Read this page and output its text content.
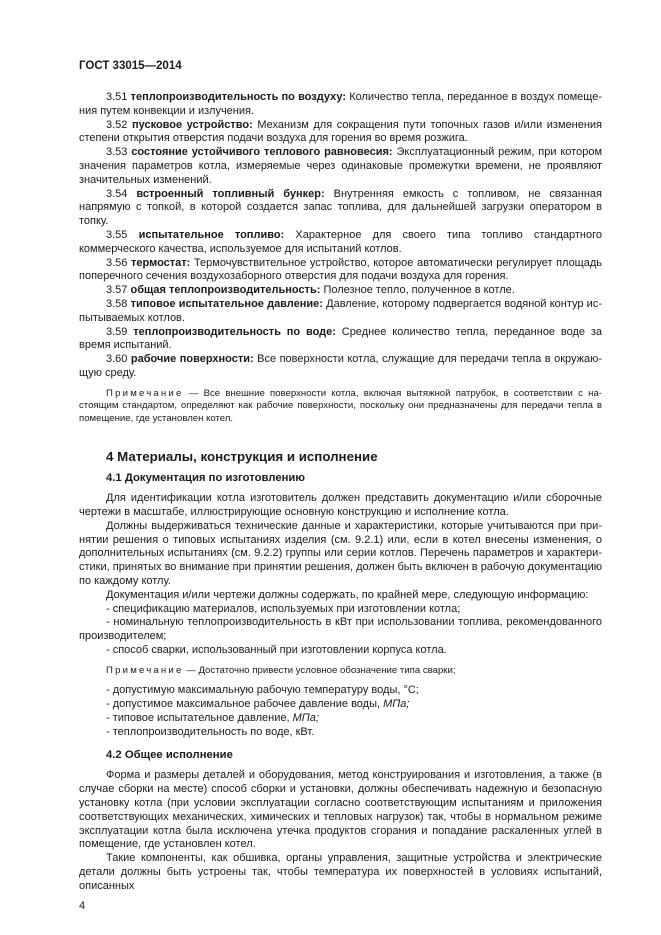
ГОСТ 33015—2014

3.51 теплопроизводительность по воздуху: Количество тепла, переданное в воздух помещения путем конвекции и излучения.

3.52 пусковое устройство: Механизм для сокращения пути топочных газов и/или изменения степени открытия отверстия подачи воздуха для горения во время розжига.

3.53 состояние устойчивого теплового равновесия: Эксплуатационный режим, при котором значения параметров котла, измеряемые через одинаковые промежутки времени, не проявляют значительных изменений.

3.54 встроенный топливный бункер: Внутренняя емкость с топливом, не связанная напрямую с топкой, в которой создается запас топлива, для дальнейшей загрузки оператором в топку.

3.55 испытательное топливо: Характерное для своего типа топливо стандартного коммерческого качества, используемое для испытаний котлов.

3.56 термостат: Термочувствительное устройство, которое автоматически регулирует площадь поперечного сечения воздухозаборного отверстия для подачи воздуха для горения.

3.57 общая теплопроизводительность: Полезное тепло, полученное в котле.

3.58 типовое испытательное давление: Давление, которому подвергается водяной контур испытываемых котлов.

3.59 теплопроизводительность по воде: Среднее количество тепла, переданное воде за время испытаний.

3.60 рабочие поверхности: Все поверхности котла, служащие для передачи тепла в окружающую среду.

Примечание — Все внешние поверхности котла, включая вытяжной патрубок, в соответствии с настоящим стандартом, определяют как рабочие поверхности, поскольку они предназначены для передачи тепла в помещение, где установлен котел.

4 Материалы, конструкция и исполнение
4.1 Документация по изготовлению

Для идентификации котла изготовитель должен представить документацию и/или сборочные чертежи в масштабе, иллюстрирующие основную конструкцию и исполнение котла.

Должны выдерживаться технические данные и характеристики, которые учитываются при принятии решения о типовых испытаниях изделия (см. 9.2.1) или, если в котел внесены изменения, о дополнительных испытаниях (см. 9.2.2) группы или серии котлов. Перечень параметров и характеристики, принятых во внимание при принятии решения, должен быть включен в рабочую документацию по каждому котлу.

Документация и/или чертежи должны содержать, по крайней мере, следующую информацию:

- спецификацию материалов, используемых при изготовлении котла;

- номинальную теплопроизводительность в кВт при использовании топлива, рекомендованного производителем;

- способ сварки, использованный при изготовлении корпуса котла.

Примечание — Достаточно привести условное обозначение типа сварки;

- допустимую максимальную рабочую температуру воды, °С;

- допустимое максимальное рабочее давление воды, МПа;

- типовое испытательное давление, МПа;

- теплопроизводительность по воде, кВт.

4.2 Общее исполнение

Форма и размеры деталей и оборудования, метод конструирования и изготовления, а также (в случае сборки на месте) способ сборки и установки, должны обеспечивать надежную и безопасную установку котла (при условии эксплуатации согласно соответствующим испытаниям и приложения соответствующих механических, химических и тепловых нагрузок) так, чтобы в нормальном режиме эксплуатации котла была исключена утечка продуктов сгорания и попадание раскаленных углей в помещение, где установлен котел.

Такие компоненты, как обшивка, органы управления, защитные устройства и электрические детали должны быть устроены так, чтобы температура их поверхностей в условиях испытаний, описанных

4
